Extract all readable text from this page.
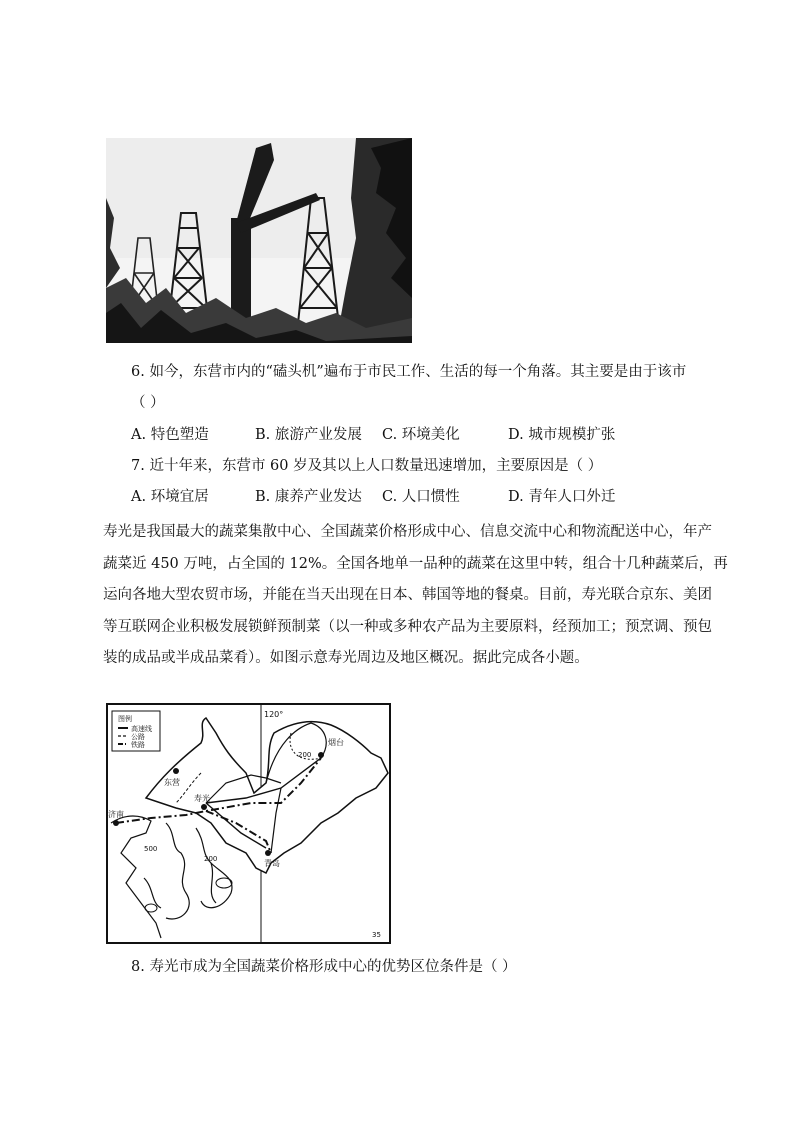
6. 如今，东营市内的“磕头机”遍布于市民工作、生活的每一个角落。其主要是由于该市
（ ）
A. 特色塑造	B. 旅游产业发展 C. 环境美化	D. 城市规模扩张
7. 近十年来，东营市 60 岁及其以上人口数量迅速增加，主要原因是（ ）
A. 环境宜居	B. 康养产业发达 C. 人口惯性	D. 青年人口外迁
寿光是我国最大的蔬菜集散中心、全国蔬菜价格形成中心、信息交流中心和物流配送中心，年产
蔬菜近 450 万吨，占全国的 12%。全国各地单一品种的蔬菜在这里中转，组合十几种蔬菜后，再
运向各地大型农贸市场，并能在当天出现在日本、韩国等地的餐桌。目前，寿光联合京东、美团
等互联网企业积极发展锁鲜预制菜（以一种或多种农产品为主要原料，经预加工；预烹调、预包
装的成品或半成品菜肴）。如图示意寿光周边及地区概况。据此完成各小题。
图例
高速线
公路
铁路
120°
烟台
东营
寿光
济南
青岛
200
200
500
35
8. 寿光市成为全国蔬菜价格形成中心的优势区位条件是（ ）
